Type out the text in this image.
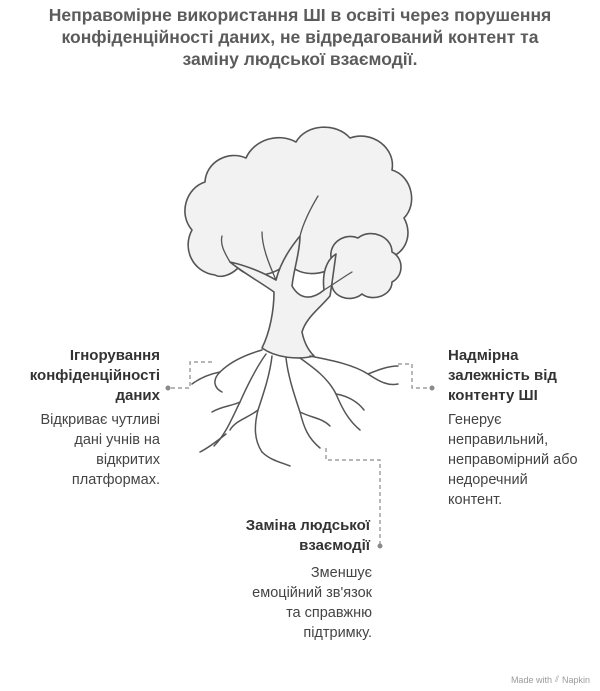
Неправомірне використання ШІ в освіті через порушення конфіденційності даних, не відредагований контент та заміну людської взаємодії.
Ігнорування конфіденційності даних
Відкриває чутливі дані учнів на відкритих платформах.
Надмірна залежність від контенту ШІ
Генерує неправильний, неправомірний або недоречний контент.
Заміна людської взаємодії
Зменшує емоційний зв'язок та справжню підтримку.
Made with ⫽ Napkin
